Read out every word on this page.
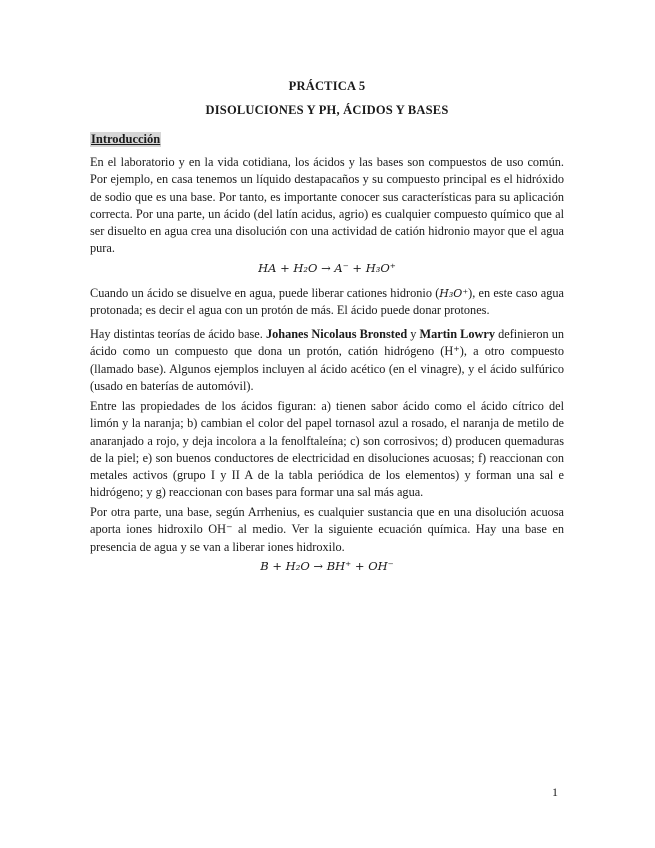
PRÁCTICA 5
DISOLUCIONES Y PH, ÁCIDOS Y BASES
Introducción

En el laboratorio y en la vida cotidiana, los ácidos y las bases son compuestos de uso común. Por ejemplo, en casa tenemos un líquido destapacaños y su compuesto principal es el hidróxido de sodio que es una base. Por tanto, es importante conocer sus características para su aplicación correcta. Por una parte, un ácido (del latín acidus, agrio) es cualquier compuesto químico que al ser disuelto en agua crea una disolución con una actividad de catión hidronio mayor que el agua pura.

HA + H₂O → A⁻ + H₃O⁺

Cuando un ácido se disuelve en agua, puede liberar cationes hidronio (H₃O⁺), en este caso agua protonada; es decir el agua con un protón de más. El ácido puede donar protones.

Hay distintas teorías de ácido base. Johanes Nicolaus Bronsted y Martin Lowry definieron un ácido como un compuesto que dona un protón, catión hidrógeno (H⁺), a otro compuesto (llamado base). Algunos ejemplos incluyen al ácido acético (en el vinagre), y el ácido sulfúrico (usado en baterías de automóvil).

Entre las propiedades de los ácidos figuran: a) tienen sabor ácido como el ácido cítrico del limón y la naranja; b) cambian el color del papel tornasol azul a rosado, el naranja de metilo de anaranjado a rojo, y deja incolora a la fenolftaleína; c) son corrosivos; d) producen quemaduras de la piel; e) son buenos conductores de electricidad en disoluciones acuosas; f) reaccionan con metales activos (grupo I y II A de la tabla periódica de los elementos) y forman una sal e hidrógeno; y g) reaccionan con bases para formar una sal más agua.

Por otra parte, una base, según Arrhenius, es cualquier sustancia que en una disolución acuosa aporta iones hidroxilo OH⁻ al medio. Ver la siguiente ecuación química. Hay una base en presencia de agua y se van a liberar iones hidroxilo.

B + H₂O → BH⁺ + OH⁻
1
